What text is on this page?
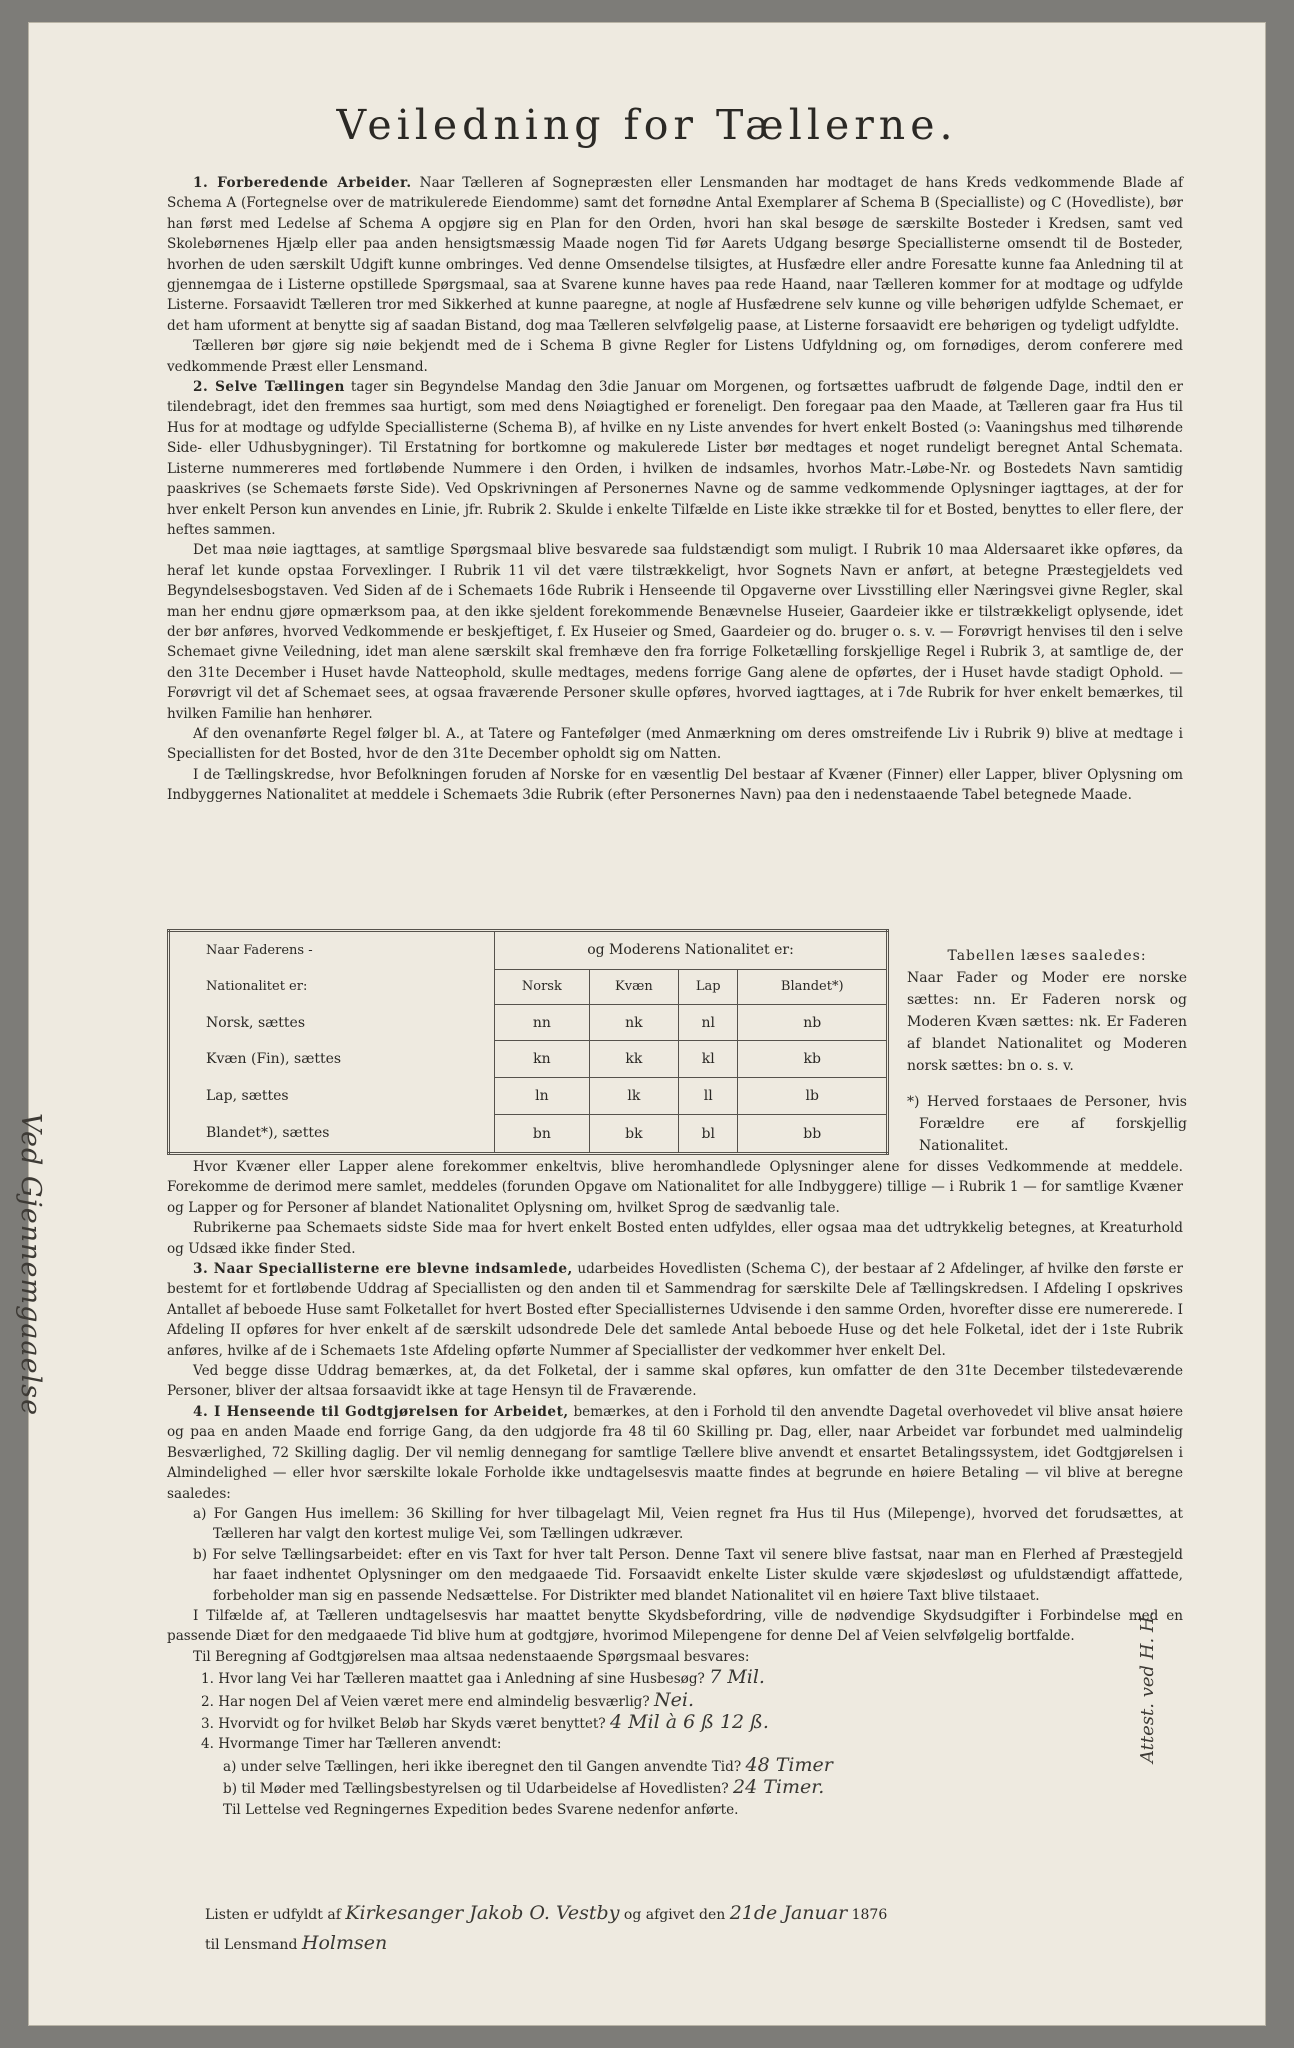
Veiledning for Tællerne.

1. Forberedende Arbeider. Naar Tælleren af Sognepræsten eller Lensmanden har modtaget de hans Kreds vedkommende Blade af Schema A (Fortegnelse over de matrikulerede Eiendomme) samt det fornødne Antal Exemplarer af Schema B (Specialliste) og C (Hovedliste), bør han først med Ledelse af Schema A opgjøre sig en Plan for den Orden, hvori han skal besøge de særskilte Bosteder i Kredsen, samt ved Skolebørnenes Hjælp eller paa anden hensigtsmæssig Maade nogen Tid før Aarets Udgang besørge Speciallisterne omsendt til de Bosteder, hvorhen de uden særskilt Udgift kunne ombringes. Ved denne Omsendelse tilsigtes, at Husfædre eller andre Foresatte kunne faa Anledning til at gjennemgaa de i Listerne opstillede Spørgsmaal, saa at Svarene kunne haves paa rede Haand, naar Tælleren kommer for at modtage og udfylde Listerne. Forsaavidt Tælleren tror med Sikkerhed at kunne paaregne, at nogle af Husfædrene selv kunne og ville behørigen udfylde Schemaet, er det ham uforment at benytte sig af saadan Bistand, dog maa Tælleren selvfølgelig paase, at Listerne forsaavidt ere behørigen og tydeligt udfyldte.

Tælleren bør gjøre sig nøie bekjendt med de i Schema B givne Regler for Listens Udfyldning og, om fornødiges, derom conferere med vedkommende Præst eller Lensmand.

2. Selve Tællingen tager sin Begyndelse Mandag den 3die Januar om Morgenen, og fortsættes uafbrudt de følgende Dage, indtil den er tilendebragt, idet den fremmes saa hurtigt, som med dens Nøiagtighed er foreneligt. Den foregaar paa den Maade, at Tælleren gaar fra Hus til Hus for at modtage og udfylde Speciallisterne (Schema B), af hvilke en ny Liste anvendes for hvert enkelt Bosted (ɔ: Vaaningshus med tilhørende Side- eller Udhusbygninger). Til Erstatning for bortkomne og makulerede Lister bør medtages et noget rundeligt beregnet Antal Schemata. Listerne nummereres med fortløbende Nummere i den Orden, i hvilken de indsamles, hvorhos Matr.-Løbe-Nr. og Bostedets Navn samtidig paaskrives (se Schemaets første Side). Ved Opskrivningen af Personernes Navne og de samme vedkommende Oplysninger iagttages, at der for hver enkelt Person kun anvendes en Linie, jfr. Rubrik 2. Skulde i enkelte Tilfælde en Liste ikke strække til for et Bosted, benyttes to eller flere, der heftes sammen.

Det maa nøie iagttages, at samtlige Spørgsmaal blive besvarede saa fuldstændigt som muligt. I Rubrik 10 maa Aldersaaret ikke opføres, da heraf let kunde opstaa Forvexlinger. I Rubrik 11 vil det være tilstrækkeligt, hvor Sognets Navn er anført, at betegne Præstegjeldets ved Begyndelsesbogstaven. Ved Siden af de i Schemaets 16de Rubrik i Henseende til Opgaverne over Livsstilling eller Næringsvei givne Regler, skal man her endnu gjøre opmærksom paa, at den ikke sjeldent forekommende Benævnelse Huseier, Gaardeier ikke er tilstrækkeligt oplysende, idet der bør anføres, hvorved Vedkommende er beskjeftiget, f. Ex Huseier og Smed, Gaardeier og do. bruger o. s. v. — Forøvrigt henvises til den i selve Schemaet givne Veiledning, idet man alene særskilt skal fremhæve den fra forrige Folketælling forskjellige Regel i Rubrik 3, at samtlige de, der den 31te December i Huset havde Natteophold, skulle medtages, medens forrige Gang alene de opførtes, der i Huset havde stadigt Ophold. — Forøvrigt vil det af Schemaet sees, at ogsaa fraværende Personer skulle opføres, hvorved iagttages, at i 7de Rubrik for hver enkelt bemærkes, til hvilken Familie han henhører.

Af den ovenanførte Regel følger bl. A., at Tatere og Fantefølger (med Anmærkning om deres omstreifende Liv i Rubrik 9) blive at medtage i Speciallisten for det Bosted, hvor de den 31te December opholdt sig om Natten.

I de Tællingskredse, hvor Befolkningen foruden af Norske for en væsentlig Del bestaar af Kvæner (Finner) eller Lapper, bliver Oplysning om Indbyggernes Nationalitet at meddele i Schemaets 3die Rubrik (efter Personernes Navn) paa den i nedenstaaende Tabel betegnede Maade.

Naar Faderens -	og Moderens Nationalitet er:			
Nationalitet er:	Norsk	Kvæn	Lap	Blandet*)
Norsk, sættes	nn	nk	nl	nb
Kvæn (Fin), sættes	kn	kk	kl	kb
Lap, sættes	ln	lk	ll	lb
Blandet*), sættes	bn	bk	bl	bb
Tabellen læses saaledes:
Naar Fader og Moder ere norske sættes: nn. Er Faderen norsk og Moderen Kvæn sættes: nk. Er Faderen af blandet Nationalitet og Moderen norsk sættes: bn o. s. v.
*) Herved forstaaes de Personer, hvis Forældre ere af forskjellig Nationalitet.

Hvor Kvæner eller Lapper alene forekommer enkeltvis, blive heromhandlede Oplysninger alene for disses Vedkommende at meddele. Forekomme de derimod mere samlet, meddeles (forunden Opgave om Nationalitet for alle Indbyggere) tillige — i Rubrik 1 — for samtlige Kvæner og Lapper og for Personer af blandet Nationalitet Oplysning om, hvilket Sprog de sædvanlig tale.

Rubrikerne paa Schemaets sidste Side maa for hvert enkelt Bosted enten udfyldes, eller ogsaa maa det udtrykkelig betegnes, at Kreaturhold og Udsæd ikke finder Sted.

3. Naar Speciallisterne ere blevne indsamlede, udarbeides Hovedlisten (Schema C), der bestaar af 2 Afdelinger, af hvilke den første er bestemt for et fortløbende Uddrag af Speciallisten og den anden til et Sammendrag for særskilte Dele af Tællingskredsen. I Afdeling I opskrives Antallet af beboede Huse samt Folketallet for hvert Bosted efter Speciallisternes Udvisende i den samme Orden, hvorefter disse ere numererede. I Afdeling II opføres for hver enkelt af de særskilt udsondrede Dele det samlede Antal beboede Huse og det hele Folketal, idet der i 1ste Rubrik anføres, hvilke af de i Schemaets 1ste Afdeling opførte Nummer af Speciallister der vedkommer hver enkelt Del.

Ved begge disse Uddrag bemærkes, at, da det Folketal, der i samme skal opføres, kun omfatter de den 31te December tilstedeværende Personer, bliver der altsaa forsaavidt ikke at tage Hensyn til de Fraværende.

4. I Henseende til Godtgjørelsen for Arbeidet, bemærkes, at den i Forhold til den anvendte Dagetal overhovedet vil blive ansat høiere og paa en anden Maade end forrige Gang, da den udgjorde fra 48 til 60 Skilling pr. Dag, eller, naar Arbeidet var forbundet med ualmindelig Besværlighed, 72 Skilling daglig. Der vil nemlig dennegang for samtlige Tællere blive anvendt et ensartet Betalingssystem, idet Godtgjørelsen i Almindelighed — eller hvor særskilte lokale Forholde ikke undtagelsesvis maatte findes at begrunde en høiere Betaling — vil blive at beregne saaledes:

a) For Gangen Hus imellem: 36 Skilling for hver tilbagelagt Mil, Veien regnet fra Hus til Hus (Milepenge), hvorved det forudsættes, at Tælleren har valgt den kortest mulige Vei, som Tællingen udkræver.

b) For selve Tællingsarbeidet: efter en vis Taxt for hver talt Person. Denne Taxt vil senere blive fastsat, naar man en Flerhed af Præstegjeld har faaet indhentet Oplysninger om den medgaaede Tid. Forsaavidt enkelte Lister skulde være skjødesløst og ufuldstændigt affattede, forbeholder man sig en passende Nedsættelse. For Distrikter med blandet Nationalitet vil en høiere Taxt blive tilstaaet.

I Tilfælde af, at Tælleren undtagelsesvis har maattet benytte Skydsbefordring, ville de nødvendige Skydsudgifter i Forbindelse med en passende Diæt for den medgaaede Tid blive hum at godtgjøre, hvorimod Milepengene for denne Del af Veien selvfølgelig bortfalde.

Til Beregning af Godtgjørelsen maa altsaa nedenstaaende Spørgsmaal besvares:

1. Hvor lang Vei har Tælleren maattet gaa i Anledning af sine Husbesøg? 7 Mil.

2. Har nogen Del af Veien været mere end almindelig besværlig? Nei.

3. Hvorvidt og for hvilket Beløb har Skyds været benyttet? 4 Mil à 6 ß 12 ß.

4. Hvormange Timer har Tælleren anvendt:

a) under selve Tællingen, heri ikke iberegnet den til Gangen anvendte Tid? 48 Timer

b) til Møder med Tællingsbestyrelsen og til Udarbeidelse af Hovedlisten? 24 Timer.

Til Lettelse ved Regningernes Expedition bedes Svarene nedenfor anførte.

Listen er udfyldt af Kirkesanger Jakob O. Vestby og afgivet den 21de Januar 1876
til Lensmand Holmsen
Ved Gjennemgaaelse
Attest. ved H. H.
